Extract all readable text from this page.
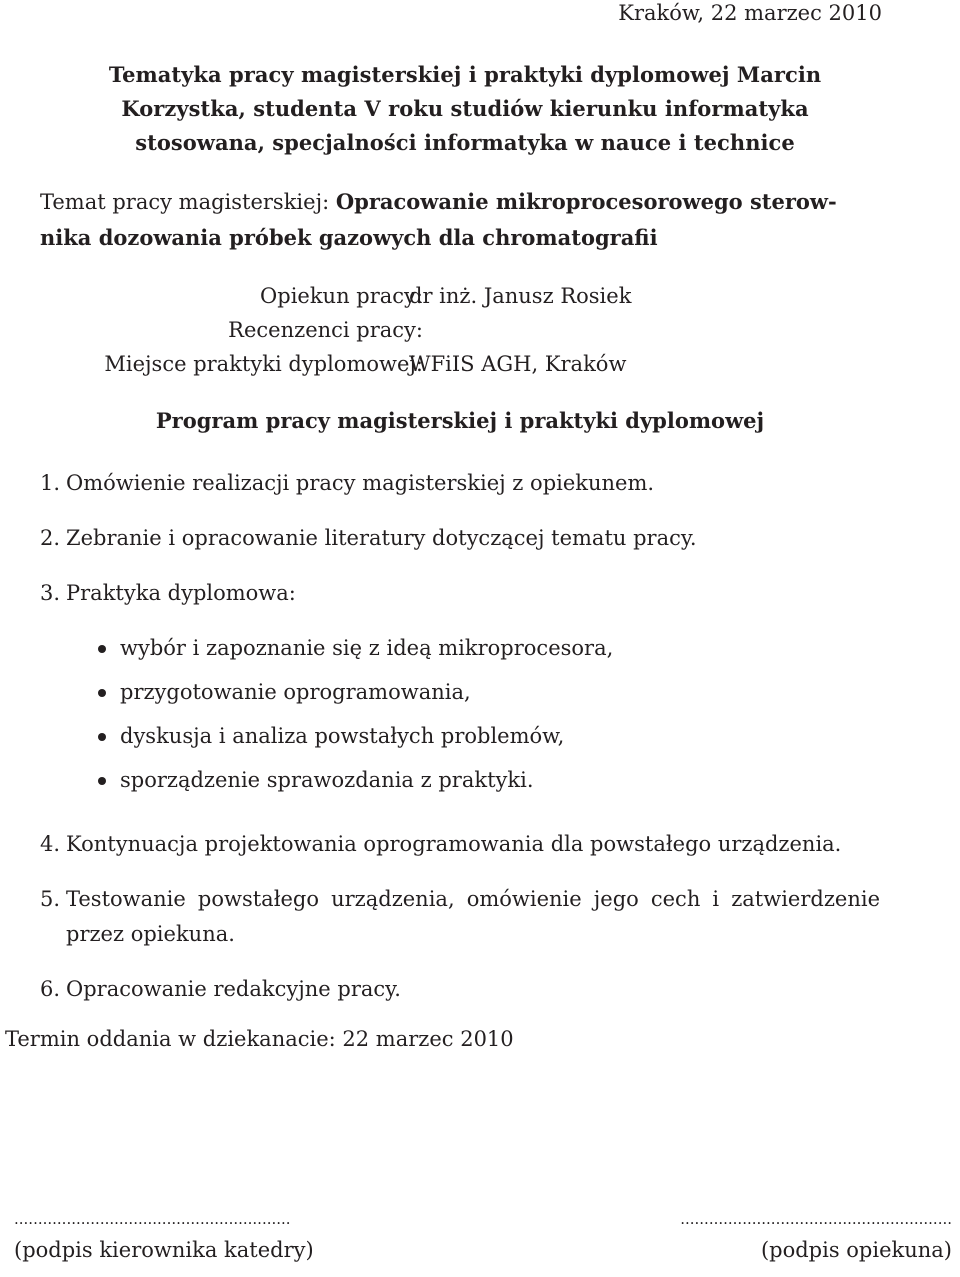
Kraków, 22 marzec 2010
Tematyka pracy magisterskiej i praktyki dyplomowej Marcin
Korzystka, studenta V roku studiów kierunku informatyka
stosowana, specjalności informatyka w nauce i technice
Temat pracy magisterskiej: Opracowanie mikroprocesorowego sterow-
nika dozowania próbek gazowych dla chromatografii
Opiekun pracy:
dr inż. Janusz Rosiek
Recenzenci pracy:
Miejsce praktyki dyplomowej:
WFiIS AGH, Kraków
Program pracy magisterskiej i praktyki dyplomowej
1. Omówienie realizacji pracy magisterskiej z opiekunem.
2. Zebranie i opracowanie literatury dotyczącej tematu pracy.
3. Praktyka dyplomowa:
wybór i zapoznanie się z ideą mikroprocesora,
przygotowanie oprogramowania,
dyskusja i analiza powstałych problemów,
sporządzenie sprawozdania z praktyki.
4. Kontynuacja projektowania oprogramowania dla powstałego urządzenia.
5. Testowanie powstałego urządzenia, omówienie jego cech i zatwierdzenie przez opiekuna.
6. Opracowanie redakcyjne pracy.
Termin oddania w dziekanacie: 22 marzec 2010
..........................................................
(podpis kierownika katedry)
.........................................................
(podpis opiekuna)
